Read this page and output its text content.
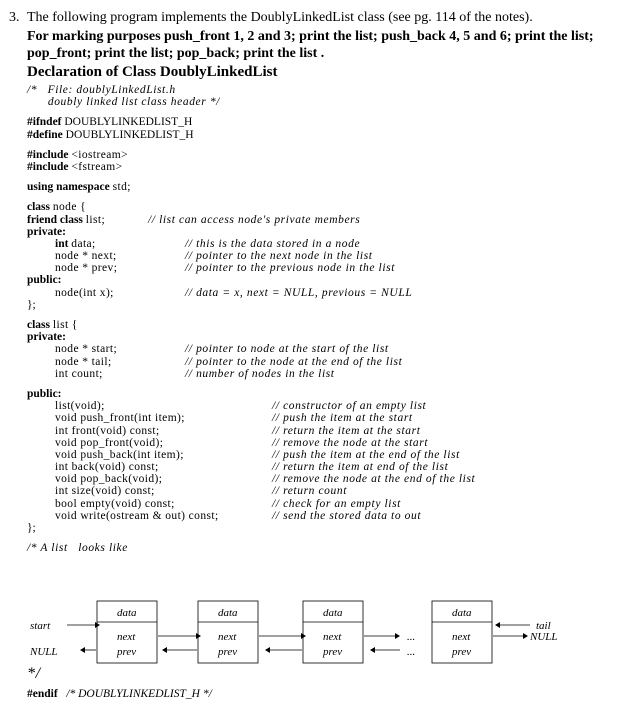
3. The following program implements the DoublyLinkedList class (see pg. 114 of the notes).
For marking purposes push_front 1, 2 and 3; print the list; push_back 4, 5 and 6; print the list; pop_front; print the list; pop_back; print the list .
Declaration of Class DoublyLinkedList
/*   File: doublyLinkedList.h
doubly linked list class header */
#ifndef DOUBLYLINKEDLIST_H
#define DOUBLYLINKEDLIST_H
#include <iostream>
#include <fstream>
using namespace std;
class node {
friend class list;	// list can access node's private members
private:
int data;	// this is the data stored in a node
node * next;	// pointer to the next node in the list
node * prev;	// pointer to the previous node in the list
public:
node(int x);	// data = x, next = NULL, previous = NULL
};
class list {
private:
node * start;	// pointer to node at the start of the list
node * tail;	// pointer to the node at the end of the list
int count;	// number of nodes in the list
public:
list(void);	// constructor of an empty list
void push_front(int item);	// push the item at the start
int front(void) const;	// return the item at the start
void pop_front(void);	// remove the node at the start
void push_back(int item);	// push the item at the end of the list
int back(void) const;	// return the item at end of the list
void pop_back(void);	// remove the node at the end of the list
int size(void) const;	// return count
bool empty(void) const;	// check for an empty list
void write(ostream & out) const;	// send the stored data to out
};
/* A list   looks like
data	data	data	data
next	next	next	next
prev	prev	prev	prev
start	tail
NULL
NULL
...
...
*/
#endif /* DOUBLYLINKEDLIST_H */
